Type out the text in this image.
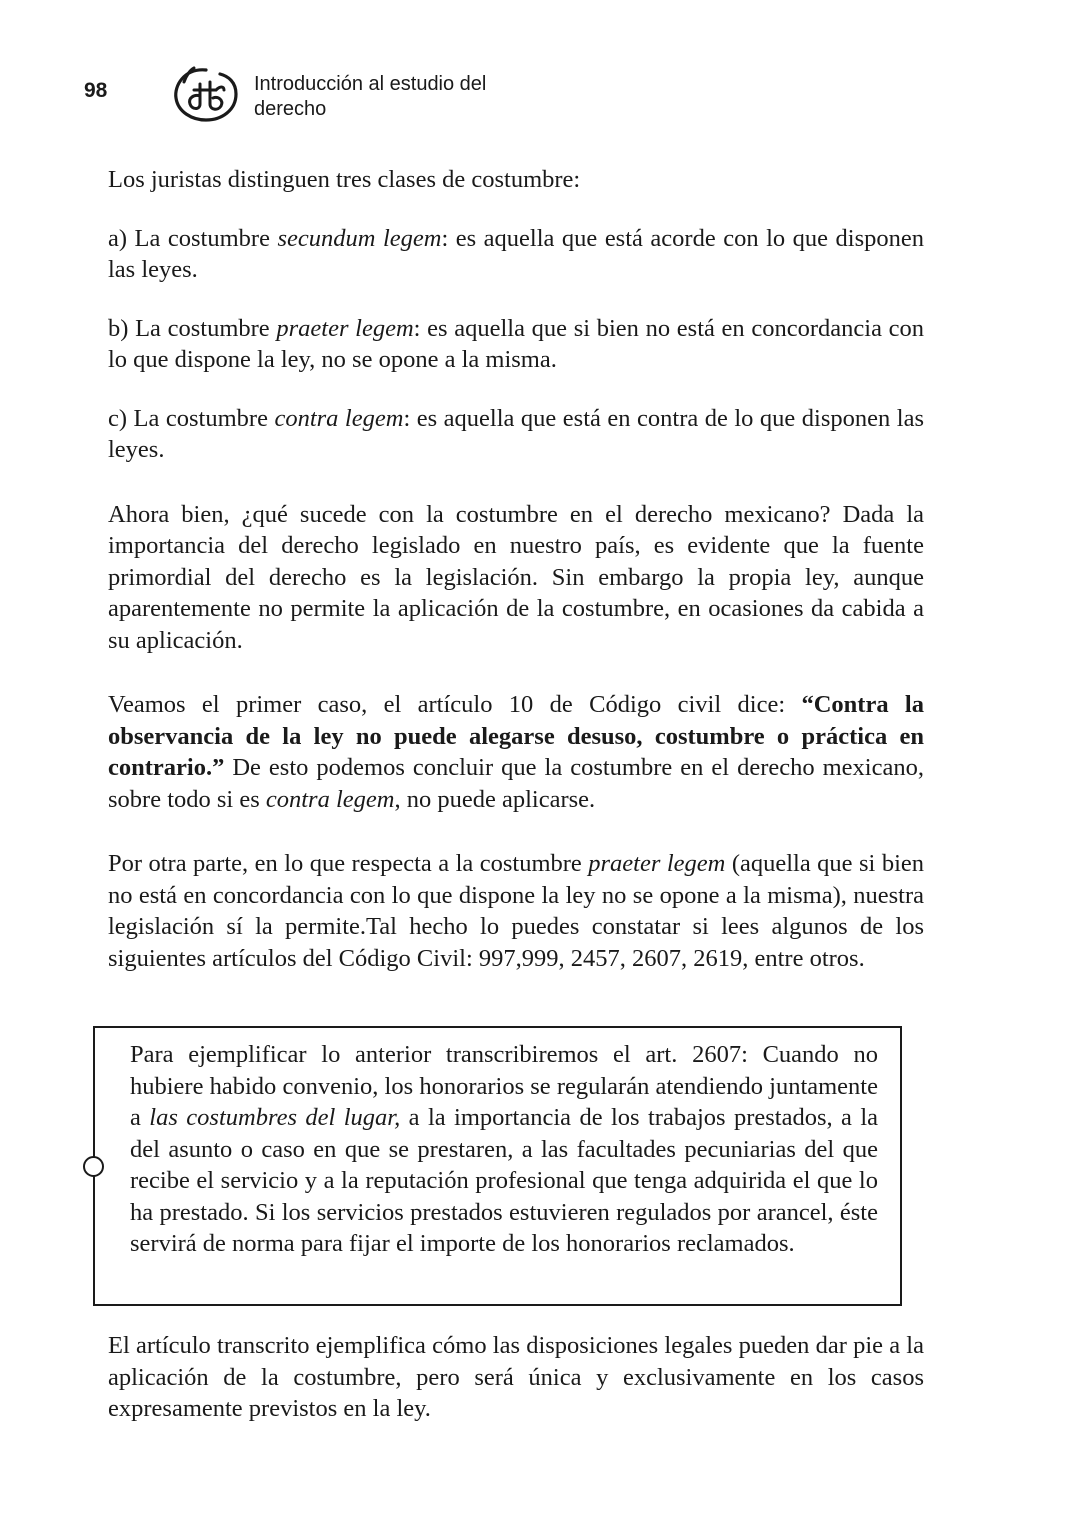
98	Introducción al estudio del
derecho

Los juristas distinguen tres clases de costumbre:

a) La costumbre secundum legem: es aquella que está acorde con lo que disponen las leyes.

b) La costumbre praeter legem: es aquella que si bien no está en concordancia con lo que dispone la ley, no se opone a la misma.

c) La costumbre contra legem: es aquella que está en contra de lo que disponen las leyes.

Ahora bien, ¿qué sucede con la costumbre en el derecho mexicano? Dada la importancia del derecho legislado en nuestro país, es evidente que la fuente primordial del derecho es la legislación. Sin embargo la propia ley, aunque aparentemente no permite la aplicación de la costumbre, en ocasiones da cabida a su aplicación.

Veamos el primer caso, el artículo 10 de Código civil dice: “Contra la observancia de la ley no puede alegarse desuso, costumbre o práctica en contrario.” De esto podemos concluir que la costumbre en el derecho mexicano, sobre todo si es contra legem, no puede aplicarse.

Por otra parte, en lo que respecta a la costumbre praeter legem (aquella que si bien no está en concordancia con lo que dispone la ley no se opone a la misma), nuestra legislación sí la permite.Tal hecho lo puedes constatar si lees algunos de los siguientes artículos del Código Civil: 997,999, 2457, 2607, 2619, entre otros.

Para ejemplificar lo anterior transcribiremos el art. 2607: Cuando no hubiere habido convenio, los honorarios se regularán atendiendo juntamente a las costumbres del lugar, a la importancia de los trabajos prestados, a la del asunto o caso en que se prestaren, a las facultades pecuniarias del que recibe el servicio y a la reputación profesional que tenga adquirida el que lo ha prestado. Si los servicios prestados estuvieren regulados por arancel, éste servirá de norma para fijar el importe de los honorarios reclamados.

El artículo transcrito ejemplifica cómo las disposiciones legales pueden dar pie a la aplicación de la costumbre, pero será única y exclusivamente en los casos expresamente previstos en la ley.
